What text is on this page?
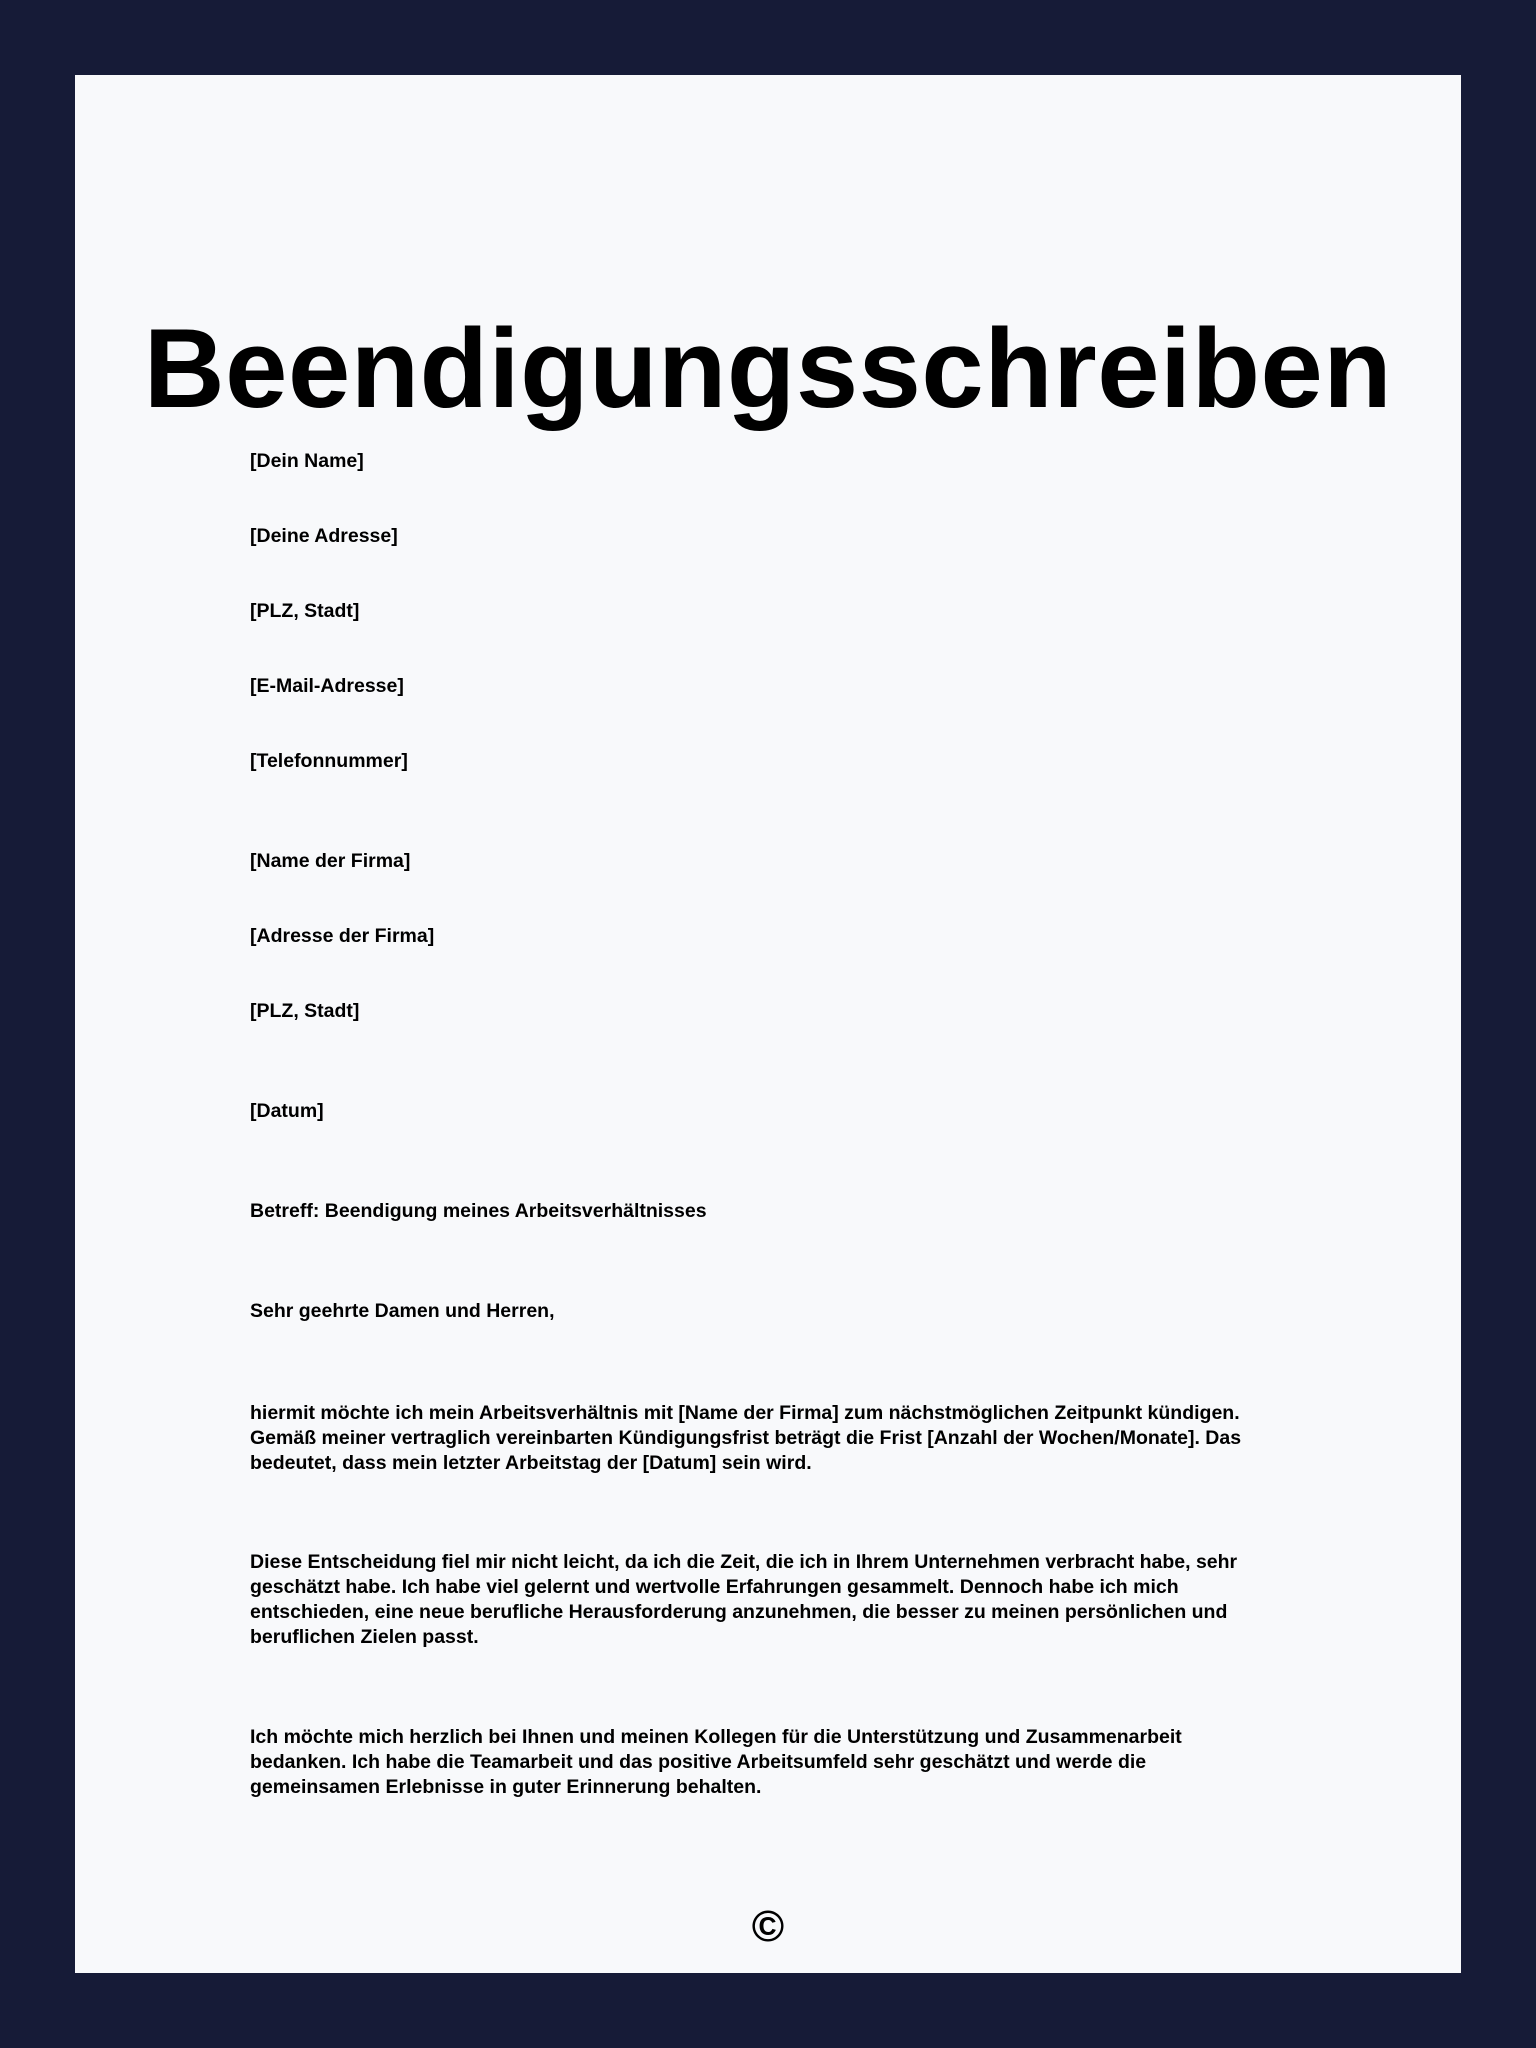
Beendigungsschreiben

[Dein Name]

[Deine Adresse]

[PLZ, Stadt]

[E-Mail-Adresse]

[Telefonnummer]

[Name der Firma]

[Adresse der Firma]

[PLZ, Stadt]

[Datum]

Betreff: Beendigung meines Arbeitsverhältnisses

Sehr geehrte Damen und Herren,

hiermit möchte ich mein Arbeitsverhältnis mit [Name der Firma] zum nächstmöglichen Zeitpunkt kündigen.
Gemäß meiner vertraglich vereinbarten Kündigungsfrist beträgt die Frist [Anzahl der Wochen/Monate]. Das
bedeutet, dass mein letzter Arbeitstag der [Datum] sein wird.
Diese Entscheidung fiel mir nicht leicht, da ich die Zeit, die ich in Ihrem Unternehmen verbracht habe, sehr
geschätzt habe. Ich habe viel gelernt und wertvolle Erfahrungen gesammelt. Dennoch habe ich mich
entschieden, eine neue berufliche Herausforderung anzunehmen, die besser zu meinen persönlichen und
beruflichen Zielen passt.
Ich möchte mich herzlich bei Ihnen und meinen Kollegen für die Unterstützung und Zusammenarbeit
bedanken. Ich habe die Teamarbeit und das positive Arbeitsumfeld sehr geschätzt und werde die
gemeinsamen Erlebnisse in guter Erinnerung behalten.
©
